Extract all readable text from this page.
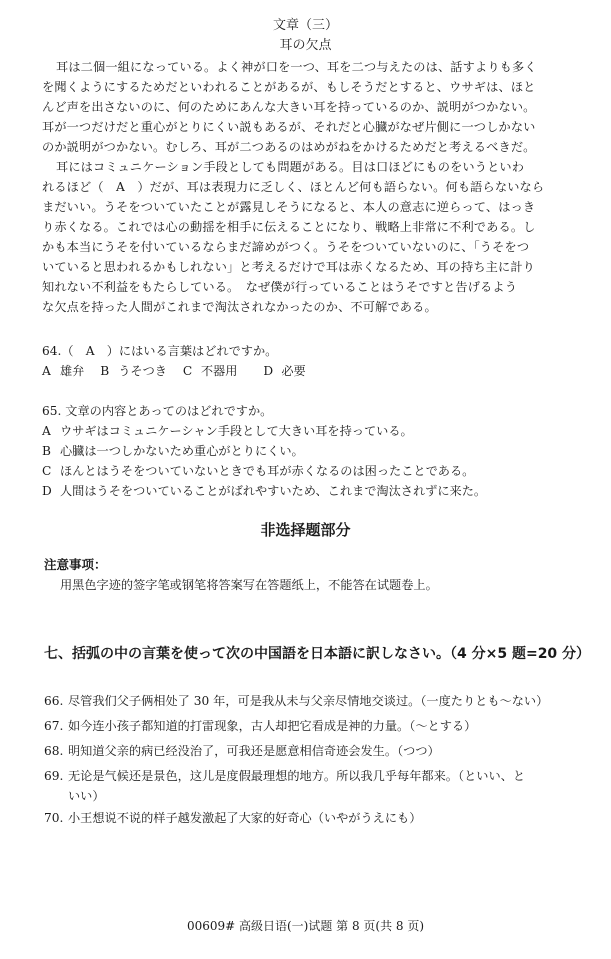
文章（三）
耳の欠点
耳は二個一組になっている。よく神が口を一つ、耳を二つ与えたのは、話すよりも多く
を聞くようにするためだといわれることがあるが、もしそうだとすると、ウサギは、ほと
んど声を出さないのに、何のためにあんな大きい耳を持っているのか、説明がつかない。
耳が一つだけだと重心がとりにくい説もあるが、それだと心臓がなぜ片側に一つしかない
のか説明がつかない。むしろ、耳が二つあるのはめがねをかけるためだと考えるべきだ。
耳にはコミュニケーション手段としても問題がある。目は口ほどにものをいうといわ
れるほど（　A　）だが、耳は表現力に乏しく、ほとんど何も語らない。何も語らないなら
まだいい。うそをついていたことが露見しそうになると、本人の意志に逆らって、はっき
り赤くなる。これでは心の動揺を相手に伝えることになり、戦略上非常に不利である。し
かも本当にうそを付いているならまだ諦めがつく。うそをついていないのに、「うそをつ
いていると思われるかもしれない」と考えるだけで耳は赤くなるため、耳の持ち主に計り
知れない不利益をもたらしている。　なぜ僕が行っていることはうそですと告げるよう
な欠点を持った人間がこれまで淘汰されなかったのか、不可解である。
64.（　A　）にはいる言葉はどれですか。
A 雄弁 B うそつき C 不器用 D 必要
65. 文章の内容とあってのはどれですか。
A ウサギはコミュニケーシャン手段として大きい耳を持っている。
B 心臓は一つしかないため重心がとりにくい。
C ほんとはうそをついていないときでも耳が赤くなるのは困ったことである。
D 人間はうそをついていることがばれやすいため、これまで淘汰されずに来た。
非选择题部分
注意事项：
用黑色字迹的签字笔或钢笔将答案写在答题纸上，不能答在试题卷上。
七、括弧の中の言葉を使って次の中国語を日本語に訳しなさい。（4 分×5 题=20 分）
66. 尽管我们父子俩相处了 30 年，可是我从未与父亲尽情地交谈过。（一度たりとも～ない）
67. 如今连小孩子都知道的打雷现象，古人却把它看成是神的力量。（～とする）
68. 明知道父亲的病已经没治了，可我还是愿意相信奇迹会发生。（つつ）
69. 无论是气候还是景色，这儿是度假最理想的地方。所以我几乎每年都来。（といい、と
いい）
70. 小王想说不说的样子越发激起了大家的好奇心（いやがうえにも）
00609# 高级日语(一)试题 第 8 页(共 8 页)
